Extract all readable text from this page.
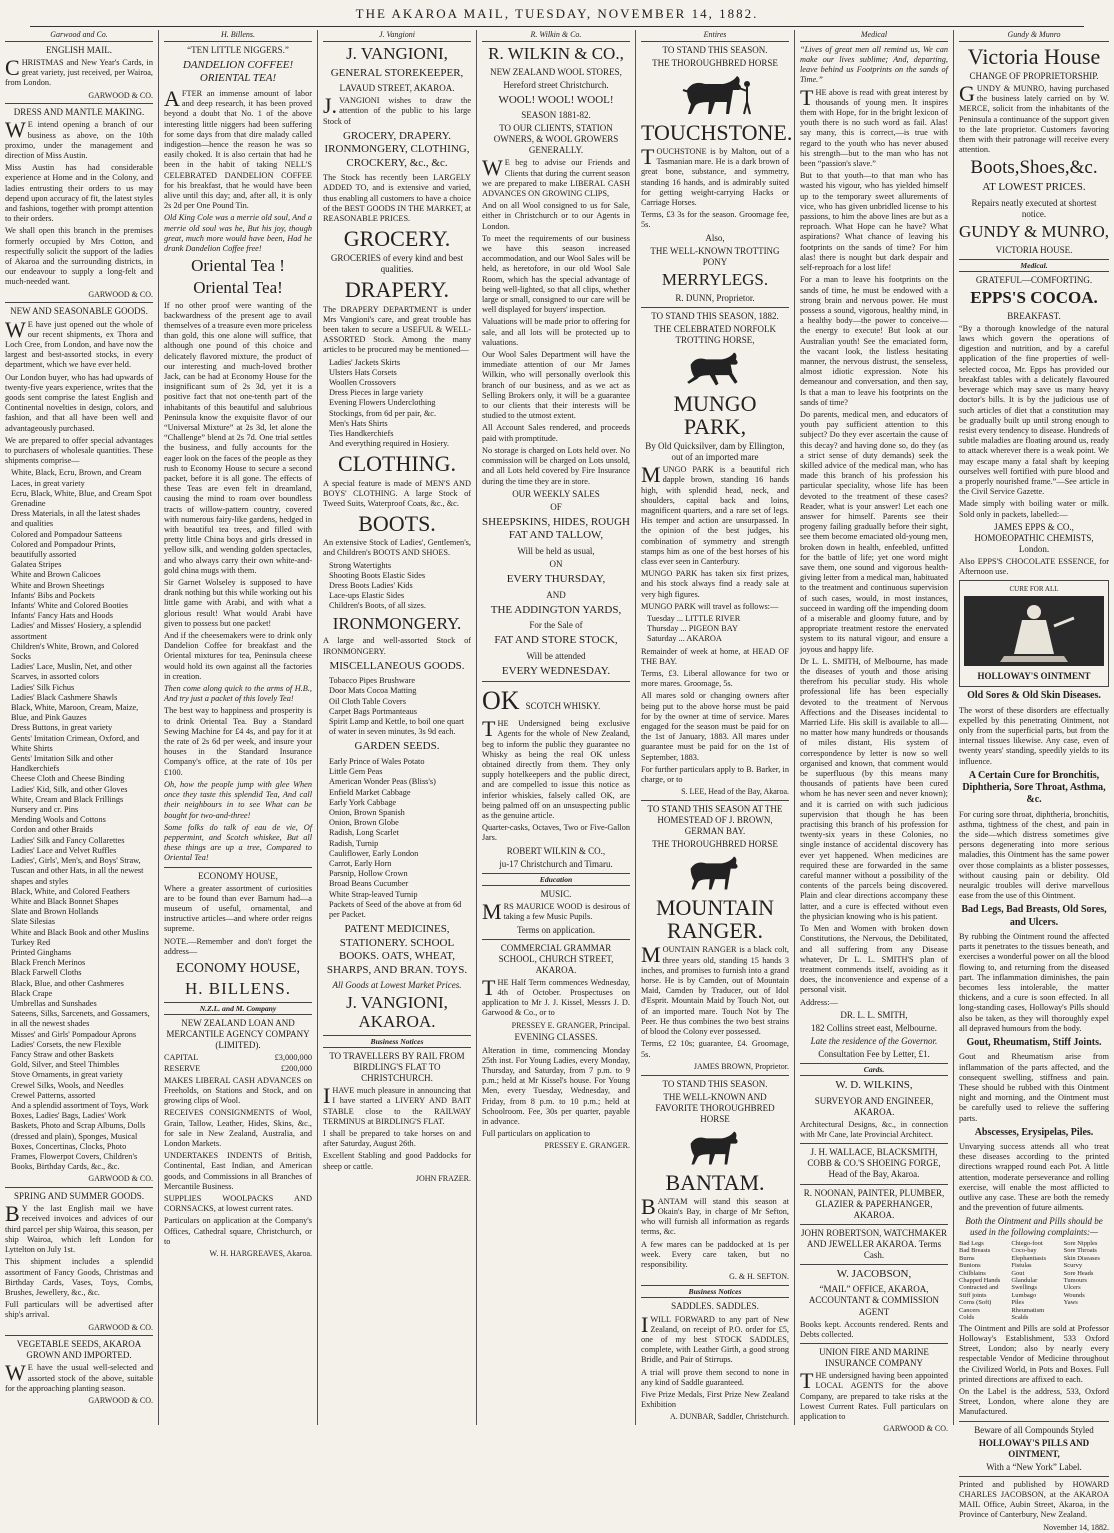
THE AKAROA MAIL, TUESDAY, NOVEMBER 14, 1882.
Garwood and Co.
ENGLISH MAIL.

CHRISTMAS and New Year's Cards, in great variety, just received, per Wairoa, from London.

GARWOOD & CO.
DRESS AND MANTLE MAKING.

WE intend opening a branch of our business as above, on the 10th proximo, under the management and direction of Miss Austin.

Miss Austin has had considerable experience at Home and in the Colony, and ladies entrusting their orders to us may depend upon accuracy of fit, the latest styles and fashions, together with prompt attention to their orders.

We shall open this branch in the premises formerly occupied by Mrs Cotton, and respectfully solicit the support of the ladies of Akaroa and the surrounding districts, in our endeavour to supply a long-felt and much-needed want.

GARWOOD & CO.
NEW AND SEASONABLE GOODS.

WE have just opened out the whole of our recent shipments, ex Thora and Loch Cree, from London, and have now the largest and best-assorted stocks, in every department, which we have ever held.

Our London buyer, who has had upwards of twenty-five years experience, writes that the goods sent comprise the latest English and Continental novelties in design, colors, and fashion, and that all have been well and advantageously purchased.

We are prepared to offer special advantages to purchasers of wholesale quantities. These shipments comprise—

White, Black, Ecru, Brown, and Cream Laces, in great variety
Ecru, Black, White, Blue, and Cream Spot Grenadine
Dress Materials, in all the latest shades and qualities
Colored and Pompadour Satteens
Colored and Pompadour Prints, beautifully assorted
Galatea Stripes
White and Brown Calicoes
White and Brown Sheetings
Infants' Bibs and Pockets
Infants' White and Colored Booties
Infants' Fancy Hats and Hoods
Ladies' and Misses' Hosiery, a splendid assortment
Children's White, Brown, and Colored Socks
Ladies' Lace, Muslin, Net, and other Scarves, in assorted colors
Ladies' Silk Fichus
Ladies' Black Cashmere Shawls
Black, White, Maroon, Cream, Maize, Blue, and Pink Gauzes
Dress Buttons, in great variety
Gents' Imitation Crimean, Oxford, and White Shirts
Gents' Imitation Silk and other Handkerchiefs
Cheese Cloth and Cheese Binding
Ladies' Kid, Silk, and other Gloves
White, Cream and Black Frillings
Nursery and cr. Pins
Mending Wools and Cottons
Cordon and other Braids
Ladies' Silk and Fancy Collarettes
Ladies' Lace and Velvet Ruffles
Ladies', Girls', Men's, and Boys' Straw, Tuscan and other Hats, in all the newest shapes and styles
Black, White, and Colored Feathers
White and Black Bonnet Shapes
Slate and Brown Hollands
Slate Silesias
White and Black Book and other Muslins
Turkey Red
Printed Ginghams
Black French Merinos
Black Farwell Cloths
Black, Blue, and other Cashmeres
Black Crape
Umbrellas and Sunshades
Sateens, Silks, Sarcenets, and Gossamers, in all the newest shades
Misses' and Girls' Pompadour Aprons
Ladies' Corsets, the new Flexible
Fancy Straw and other Baskets
Gold, Silver, and Steel Thimbles
Stove Ornaments, in great variety
Crewel Silks, Wools, and Needles
Crewel Patterns, assorted
And a splendid assortment of Toys, Work Boxes, Ladies' Bags, Ladies' Work Baskets, Photo and Scrap Albums, Dolls (dressed and plain), Sponges, Musical Boxes, Concertinas, Clocks, Photo Frames, Flowerpot Covers, Children's Books, Birthday Cards, &c., &c.
GARWOOD & CO.
SPRING AND SUMMER GOODS.

BY the last English mail we have received invoices and advices of our third parcel per ship Wairoa, this season, per ship Wairoa, which left London for Lyttelton on July 1st.

This shipment includes a splendid assortment of Fancy Goods, Christmas and Birthday Cards, Vases, Toys, Combs, Brushes, Jewellery, &c., &c.

Full particulars will be advertised after ship's arrival.

GARWOOD & CO.
VEGETABLE SEEDS, AKAROA GROWN AND IMPORTED.

WE have the usual well-selected and assorted stock of the above, suitable for the approaching planting season.

GARWOOD & CO.
H. Billens.
“TEN LITTLE NIGGERS.”
DANDELION COFFEE! ORIENTAL TEA!

AFTER an immense amount of labor and deep research, it has been proved beyond a doubt that No. 1 of the above interesting little niggers had been suffering for some days from that dire malady called indigestion—hence the reason he was so easily choked. It is also certain that had he been in the habit of taking NELL'S CELEBRATED DANDELION COFFEE for his breakfast, that he would have been alive until this day; and, after all, it is only 2s 2d per One Pound Tin.

Old King Cole was a merrie old soul, And a merrie old soul was he, But his joy, though great, much more would have been, Had he drank Dandelion Coffee free!

Oriental Tea !
Oriental Tea!

If no other proof were wanting of the backwardness of the present age to avail themselves of a treasure even more priceless than gold, this one alone will suffice, that although one pound of this choice and delicately flavored mixture, the product of our interesting and much-loved brother Jack, can be had at Economy House for the insignificant sum of 2s 3d, yet it is a positive fact that not one-tenth part of the inhabitants of this beautiful and salubrious Peninsula know the exquisite flavor of our “Universal Mixture” at 2s 3d, let alone the “Challenge” blend at 2s 7d. One trial settles the business, and fully accounts for the eager look on the faces of the people as they rush to Economy House to secure a second packet, before it is all gone. The effects of these Teas are even felt in dreamland, causing the mind to roam over boundless tracts of willow-pattern country, covered with numerous fairy-like gardens, hedged in with beautiful tea trees, and filled with pretty little China boys and girls dressed in yellow silk, and wending golden spectacles, and who always carry their own white-and-gold china mugs with them.

Sir Garnet Wolseley is supposed to have drank nothing but this while working out his little game with Arabi, and with what a glorious result! What would Arabi have given to possess but one packet!

And if the cheesemakers were to drink only Dandelion Coffee for breakfast and the Oriental mixtures for tea, Peninsula cheese would hold its own against all the factories in creation.

Then come along quick to the arms of H.B., And try just a packet of this lovely Tea!

The best way to happiness and prosperity is to drink Oriental Tea. Buy a Standard Sewing Machine for £4 4s, and pay for it at the rate of 2s 6d per week, and insure your houses in the Standard Insurance Company's office, at the rate of 10s per £100.

Oh, how the people jump with glee When once they taste this splendid Tea, And call their neighbours in to see What can be bought for two-and-three!

Some folks do talk of eau de vie, Of peppermint, and Scotch whiskee, But all these things are up a tree, Compared to Oriental Tea!

ECONOMY HOUSE,

Where a greater assortment of curiosities are to be found than ever Barnum had—a museum of useful, ornamental, and instructive articles—and where order reigns supreme.

NOTE.—Remember and don't forget the address—

ECONOMY HOUSE,
H. BILLENS.
N.Z.L. and M. Company
NEW ZEALAND LOAN AND MERCANTILE AGENCY COMPANY (LIMITED).
CAPITAL	£3,000,000
RESERVE	£200,000

MAKES LIBERAL CASH ADVANCES on Freeholds, on Stations and Stock, and on growing clips of Wool.

RECEIVES CONSIGNMENTS of Wool, Grain, Tallow, Leather, Hides, Skins, &c., for sale in New Zealand, Australia, and London Markets.

UNDERTAKES INDENTS of British, Continental, East Indian, and American goods, and Commissions in all Branches of Mercantile Business.

SUPPLIES WOOLPACKS AND CORNSACKS, at lowest current rates.

Particulars on application at the Company's Offices, Cathedral square, Christchurch, or to

W. H. HARGREAVES, Akaroa.
J. Vangioni
J. VANGIONI,
GENERAL STOREKEEPER,
LAVAUD STREET, AKAROA.

J.VANGIONI wishes to draw the attention of the public to his large Stock of

GROCERY, DRAPERY. IRONMONGERY, CLOTHING, CROCKERY, &c., &c.

The Stock has recently been LARGELY ADDED TO, and is extensive and varied, thus enabling all customers to have a choice of the BEST GOODS IN THE MARKET, at REASONABLE PRICES.

GROCERY.
GROCERIES of every kind and best qualities.
DRAPERY.

The DRAPERY DEPARTMENT is under Mrs Vangioni's care, and great trouble has been taken to secure a USEFUL & WELL-ASSORTED Stock. Among the many articles to be procured may be mentioned—

Ladies' Jackets Skirts
Ulsters Hats Corsets
Woollen Crossovers
Dress Pieces in large variety
Evening Flowers Underclothing
Stockings, from 6d per pair, &c.
Men's Hats Shirts
Ties Handkerchiefs
And everything required in Hosiery.
CLOTHING.

A special feature is made of MEN'S AND BOYS' CLOTHING. A large Stock of Tweed Suits, Waterproof Coats, &c., &c.

BOOTS.

An extensive Stock of Ladies', Gentlemen's, and Children's BOOTS AND SHOES.

Strong Watertights
Shooting Boots Elastic Sides
Dress Boots Ladies' Kids
Lace-ups Elastic Sides
Children's Boots, of all sizes.
IRONMONGERY.

A large and well-assorted Stock of IRONMONGERY.

MISCELLANEOUS GOODS.
Tobacco Pipes Brushware
Door Mats Cocoa Matting
Oil Cloth Table Covers
Carpet Bags Portmanteaus
Spirit Lamp and Kettle, to boil one quart of water in seven minutes, 3s 9d each.
GARDEN SEEDS.
Early Prince of Wales Potato
Little Gem Peas
American Wonder Peas (Bliss's)
Enfield Market Cabbage
Early York Cabbage
Onion, Brown Spanish
Onion, Brown Globe
Radish, Long Scarlet
Radish, Turnip
Cauliflower, Early London
Carrot, Early Horn
Parsnip, Hollow Crown
Broad Beans Cucumber
White Strap-leaved Turnip
Packets of Seed of the above at from 6d per Packet.
PATENT MEDICINES, STATIONERY. SCHOOL BOOKS. OATS, WHEAT, SHARPS, AND BRAN. TOYS.
All Goods at Lowest Market Prices.
J. VANGIONI, AKAROA.
Business Notices
TO TRAVELLERS BY RAIL FROM BIRDLING'S FLAT TO CHRISTCHURCH.

IHAVE much pleasure in announcing that I have started a LIVERY AND BAIT STABLE close to the RAILWAY TERMINUS at BIRDLING'S FLAT.

I shall be prepared to take horses on and after Saturday, August 26th.

Excellent Stabling and good Paddocks for sheep or cattle.

JOHN FRAZER.
R. Wilkin & Co.
R. WILKIN & CO.,
NEW ZEALAND WOOL STORES,
Hereford street Christchurch.
WOOL! WOOL! WOOL!
SEASON 1881-82.
TO OUR CLIENTS, STATION OWNERS, & WOOL GROWERS GENERALLY.

WE beg to advise our Friends and Clients that during the current season we are prepared to make LIBERAL CASH ADVANCES ON GROWING CLIPS,

And on all Wool consigned to us for Sale, either in Christchurch or to our Agents in London.

To meet the requirements of our business we have this season increased accommodation, and our Wool Sales will be held, as heretofore, in our old Wool Sale Room, which has the special advantage of being well-lighted, so that all clips, whether large or small, consigned to our care will be well displayed for buyers' inspection.

Valuations will be made prior to offering for sale, and all lots will be protected up to valuations.

Our Wool Sales Department will have the immediate attention of our Mr James Wilkin, who will personally overlook this branch of our business, and as we act as Selling Brokers only, it will be a guarantee to our clients that their interests will be studied to the utmost extent.

All Account Sales rendered, and proceeds paid with promptitude.

No storage is charged on Lots held over. No commission will be charged on Lots unsold, and all Lots held covered by Fire Insurance during the time they are in store.

OUR WEEKLY SALES
OF
SHEEPSKINS, HIDES, ROUGH FAT AND TALLOW,
Will be held as usual,
ON
EVERY THURSDAY,
AND
THE ADDINGTON YARDS,
For the Sale of
FAT AND STORE STOCK,
Will be attended
EVERY WEDNESDAY.
OK SCOTCH WHISKY.

THE Undersigned being exclusive Agents for the whole of New Zealand, beg to inform the public they guarantee no Whisky as being the real OK unless obtained directly from them. They only supply hotelkeepers and the public direct, and are compelled to issue this notice as inferior whiskies, falsely called OK, are being palmed off on an unsuspecting public as the genuine article.

Quarter-casks, Octaves, Two or Five-Gallon Jars.

ROBERT WILKIN & CO.,
ju-17 Christchurch and Timaru.
Education
MUSIC.

MRS MAURICE WOOD is desirous of taking a few Music Pupils.

Terms on application.
COMMERCIAL GRAMMAR SCHOOL, CHURCH STREET, AKAROA.

THE Half Term commences Wednesday, 4th of October. Prospectuses on application to Mr J. J. Kissel, Messrs J. D. Garwood & Co., or to

PRESSEY E. GRANGER, Principal.
EVENING CLASSES.

Alteration in time, commencing Monday 25th inst. For Young Ladies, every Monday, Thursday, and Saturday, from 7 p.m. to 9 p.m.; held at Mr Kissel's house. For Young Men, every Tuesday, Wednesday, and Friday, from 8 p.m. to 10 p.m.; held at Schoolroom. Fee, 30s per quarter, payable in advance.

Full particulars on application to

PRESSEY E. GRANGER.
Entires
TO STAND THIS SEASON.
THE THOROUGHBRED HORSE
TOUCHSTONE.

TOUCHSTONE is by Malton, out of a Tasmanian mare. He is a dark brown of great bone, substance, and symmetry, standing 16 hands, and is admirably suited for getting weight-carrying Hacks or Carriage Horses.

Terms, £3 3s for the season. Groomage fee, 5s.

Also,
THE WELL-KNOWN TROTTING PONY
MERRYLEGS.
R. DUNN, Proprietor.
TO STAND THIS SEASON, 1882.
THE CELEBRATED NORFOLK TROTTING HORSE,
MUNGO PARK,
By Old Quicksilver, dam by Ellington, out of an imported mare

MUNGO PARK is a beautiful rich dapple brown, standing 16 hands high, with splendid head, neck, and shoulders, capital back and loins, magnificent quarters, and a rare set of legs. His temper and action are unsurpassed. In the opinion of the best judges, his combination of symmetry and strength stamps him as one of the best horses of his class ever seen in Canterbury.

MUNGO PARK has taken six first prizes, and his stock always find a ready sale at very high figures.

MUNGO PARK will travel as follows:—

Tuesday ... LITTLE RIVER
Thursday ... PIGEON BAY
Saturday ... AKAROA

Remainder of week at home, at HEAD OF THE BAY.

Terms, £3. Liberal allowance for two or more mares. Groomage, 5s.

All mares sold or changing owners after being put to the above horse must be paid for by the owner at time of service. Mares engaged for the season must be paid for on the 1st of January, 1883. All mares under guarantee must be paid for on the 1st of September, 1883.

For further particulars apply to B. Barker, in charge, or to

S. LEE, Head of the Bay, Akaroa.
TO STAND THIS SEASON AT THE HOMESTEAD OF J. BROWN, GERMAN BAY.
THE THOROUGHBRED HORSE
MOUNTAIN RANGER.

MOUNTAIN RANGER is a black colt, three years old, standing 15 hands 3 inches, and promises to furnish into a grand horse. He is by Camden, out of Mountain Maid, Camden by Traducer, out of Idol d'Esprit. Mountain Maid by Touch Not, out of an imported mare. Touch Not by The Peer. He thus combines the two best strains of blood the Colony ever possessed.

Terms, £2 10s; guarantee, £4. Groomage, 5s.

JAMES BROWN, Proprietor.
TO STAND THIS SEASON.
THE WELL-KNOWN AND FAVORITE THOROUGHBRED HORSE
BANTAM.

BANTAM will stand this season at Okain's Bay, in charge of Mr Sefton, who will furnish all information as regards terms, &c.

A few mares can be paddocked at 1s per week. Every care taken, but no responsibility.

G. & H. SEFTON.
Business Notices
SADDLES. SADDLES.

IWILL FORWARD to any part of New Zealand, on receipt of P.O. order for £5, one of my best STOCK SADDLES, complete, with Leather Girth, a good strong Bridle, and Pair of Stirrups.

A trial will prove them second to none in any kind of Saddle guaranteed.

Five Prize Medals, First Prize New Zealand Exhibition

A. DUNBAR, Saddler, Christchurch.
Medical

“Lives of great men all remind us, We can make our lives sublime; And, departing, leave behind us Footprints on the sands of Time.”

THE above is read with great interest by thousands of young men. It inspires them with Hope, for in the bright lexicon of youth there is no such word as fail. Alas! say many, this is correct,—is true with regard to the youth who has never abused his strength—but to the man who has not been “passion's slave.”

But to that youth—to that man who has wasted his vigour, who has yielded himself up to the temporary sweet allurements of vice, who has given unbridled license to his passions, to him the above lines are but as a reproach. What Hope can he have? What aspirations? What chance of leaving his footprints on the sands of time? For him alas! there is nought but dark despair and self-reproach for a lost life!

For a man to leave his footprints on the sands of time, he must be endowed with a strong brain and nervous power. He must possess a sound, vigorous, healthy mind, in a healthy body—the power to conceive—the energy to execute! But look at our Australian youth! See the emaciated form, the vacant look, the listless hesitating manner, the nervous distrust, the senseless, almost idiotic expression. Note his demeanour and conversation, and then say, Is that a man to leave his footprints on the sands of time?

Do parents, medical men, and educators of youth pay sufficient attention to this subject? Do they ever ascertain the cause of this decay? and having done so, do they (as a strict sense of duty demands) seek the skilled advice of the medical man, who has made this branch of his profession his particular speciality, whose life has been devoted to the treatment of these cases? Reader, what is your answer! Let each one answer for himself. Parents see their progeny failing gradually before their sight, see them become emaciated old-young men, broken down in health, enfeebled, unfitted for the battle of life; yet one word might save them, one sound and vigorous health-giving letter from a medical man, habituated to the treatment and continuous supervision of such cases, would, in most instances, succeed in warding off the impending doom of a miserable and gloomy future, and by appropriate treatment restore the enervated system to its natural vigour, and ensure a joyous and happy life.

Dr L. L. SMITH, of Melbourne, has made the diseases of youth and those arising therefrom his peculiar study. His whole professional life has been especially devoted to the treatment of Nervous Affections and the Diseases incidental to Married Life. His skill is available to all—no matter how many hundreds or thousands of miles distant, His system of correspondence by letter is now so well organised and known, that comment would be superfluous (by this means many thousands of patients have been cured whom he has never seen and never known); and it is carried on with such judicious supervision that though he has been practising this branch of his profession for twenty-six years in these Colonies, no single instance of accidental discovery has ever yet happened. When medicines are required these are forwarded in the same careful manner without a possibility of the contents of the parcels being discovered. Plain and clear directions accompany these latter, and a cure is effected without even the physician knowing who is his patient.

To Men and Women with broken down Constitutions, the Nervous, the Debilitated, and all suffering from any Disease whatever, Dr L. L. SMITH'S plan of treatment commends itself, avoiding as it does, the inconvenience and expense of a personal visit.

Address:—
DR. L. L. SMITH,
182 Collins street east, Melbourne.
Late the residence of the Governor.
Consultation Fee by Letter, £1.
Cards.
W. D. WILKINS,
SURVEYOR AND ENGINEER, AKAROA.

Architectural Designs, &c., in connection with Mr Cane, late Provincial Architect.

J. H. WALLACE, BLACKSMITH, COBB & CO.'S SHOEING FORGE, Head of the Bay, Akaroa.
R. NOONAN, PAINTER, PLUMBER, GLAZIER & PAPERHANGER, AKAROA.
JOHN ROBERTSON, WATCHMAKER AND JEWELLER AKAROA. Terms Cash.
W. JACOBSON,
“MAIL” OFFICE, AKAROA, ACCOUNTANT & COMMISSION AGENT

Books kept. Accounts rendered. Rents and Debts collected.

UNION FIRE AND MARINE INSURANCE COMPANY

THE undersigned having been appointed LOCAL AGENTS for the above Company, are prepared to take risks at the Lowest Current Rates. Full particulars on application to

GARWOOD & CO.
Gundy & Munro
Victoria House
CHANGE OF PROPRIETORSHIP.

GUNDY & MUNRO, having purchased the business lately carried on by W. MERCE, solicit from the inhabitants of the Peninsula a continuance of the support given to the late proprietor. Customers favoring them with their patronage will receive every attention.

Boots,Shoes,&c.
AT LOWEST PRICES.
Repairs neatly executed at shortest notice.
GUNDY & MUNRO,
VICTORIA HOUSE.
Medical.
GRATEFUL—COMFORTING.
EPPS'S COCOA.
BREAKFAST.

“By a thorough knowledge of the natural laws which govern the operations of digestion and nutrition, and by a careful application of the fine properties of well-selected cocoa, Mr. Epps has provided our breakfast tables with a delicately flavoured beverage which may save us many heavy doctor's bills. It is by the judicious use of such articles of diet that a constitution may be gradually built up until strong enough to resist every tendency to disease. Hundreds of subtle maladies are floating around us, ready to attack wherever there is a weak point. We may escape many a fatal shaft by keeping ourselves well fortified with pure blood and a properly nourished frame.”—See article in the Civil Service Gazette.

Made simply with boiling water or milk. Sold only in packets, labelled:—

JAMES EPPS & CO., HOMOEOPATHIC CHEMISTS, London.

Also EPPS'S CHOCOLATE ESSENCE, for Afternoon use.

CURE FOR ALL
HOLLOWAY'S OINTMENT
Old Sores & Old Skin Diseases.

The worst of these disorders are effectually expelled by this penetrating Ointment, not only from the superficial parts, but from the internal tissues likewise. Any case, even of twenty years' standing, speedily yields to its influence.

A Certain Cure for Bronchitis, Diphtheria, Sore Throat, Asthma, &c.

For curing sore throat, diphtheria, bronchitis, asthma, tightness of the chest, and pain in the side—which distress sometimes give persons degenerating into more serious maladies, this Ointment has the same power over those complaints as a blister possesses, without causing pain or debility. Old neuralgic troubles will derive marvellous ease from the use of this Ointment.

Bad Legs, Bad Breasts, Old Sores, and Ulcers.

By rubbing the Ointment round the affected parts it penetrates to the tissues beneath, and exercises a wonderful power on all the blood flowing to, and returning from the diseased part. The inflammation diminishes, the pain becomes less intolerable, the matter thickens, and a cure is soon effected. In all long-standing cases, Holloway's Pills should also be taken, as they will thoroughly expel all depraved humours from the body.

Gout, Rheumatism, Stiff Joints.

Gout and Rheumatism arise from inflammation of the parts affected, and the consequent swelling, stiffness and pain. These should be rubbed with this Ointment night and morning, and the Ointment must be carefully used to relieve the suffering parts.

Abscesses, Erysipelas, Piles.

Unvarying success attends all who treat these diseases according to the printed directions wrapped round each Pot. A little attention, moderate perseverance and rolling exercise, will enable the most afflicted to outlive any case. These are both the remedy and the prevention of future ailments.

Both the Ointment and Pills should be used in the following complaints:—
Bad Legs
Bad Breasts
Burns
Bunions
Chilblains
Chapped Hands
Contracted and Stiff joints
Corns (Soft)
Cancers
Colds
Chiego-foot
Coco-bay
Elephantiasis
Fistulas
Gout
Glandular Swellings
Lumbago
Piles
Rheumatism
Scalds
Sore Nipples
Sore Throats
Skin Diseases
Scurvy
Sore Heads
Tumours
Ulcers
Wounds
Yaws

The Ointment and Pills are sold at Professor Holloway's Establishment, 533 Oxford Street, London; also by nearly every respectable Vendor of Medicine throughout the Civilized World, in Pots and Boxes. Full printed directions are affixed to each.

On the Label is the address, 533, Oxford Street, London, where alone they are Manufactured.

Beware of all Compounds Styled
HOLLOWAY'S PILLS AND OINTMENT,
With a “New York” Label.

Printed and published by HOWARD CHARLES JACOBSON, at the AKAROA MAIL Office, Aubin Street, Akaroa, in the Province of Canterbury, New Zealand.

November 14, 1882.
